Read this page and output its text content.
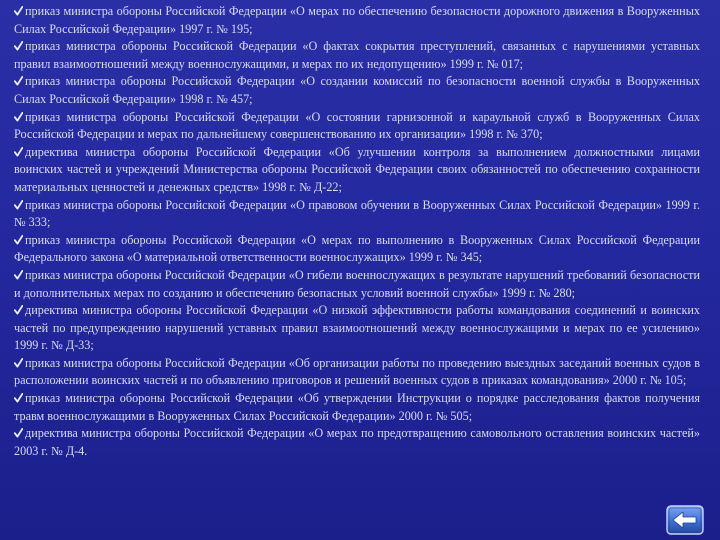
приказ министра обороны Российской Федерации «О мерах по обеспечению безопасности дорожного движения в Вооруженных Силах Российской Федерации» 1997 г. № 195;
приказ министра обороны Российской Федерации «О фактах сокрытия преступлений, связанных с нарушениями уставных правил взаимоотношений между военнослужащими, и мерах по их недопущению» 1999 г. № 017;
приказ министра обороны Российской Федерации «О создании комиссий по безопасности военной службы в Вооруженных Силах Российской Федерации» 1998 г. № 457;
приказ министра обороны Российской Федерации «О состоянии гарнизонной и караульной служб в Вооруженных Силах Российской Федерации и мерах по дальнейшему совершенствованию их организации» 1998 г. № 370;
директива министра обороны Российской Федерации «Об улучшении контроля за выполнением должностными лицами воинских частей и учреждений Министерства обороны Российской Федерации своих обязанностей по обеспечению сохранности материальных ценностей и денежных средств» 1998 г. № Д-22;
приказ министра обороны Российской Федерации «О правовом обучении в Вооруженных Силах Российской Федерации» 1999 г. № 333;
приказ министра обороны Российской Федерации «О мерах по выполнению в Вооруженных Силах Российской Федерации Федерального закона «О материальной ответственности военнослужащих» 1999 г. № 345;
приказ министра обороны Российской Федерации «О гибели военнослужащих в результате нарушений требований безопасности и дополнительных мерах по созданию и обеспечению безопасных условий военной службы» 1999 г. № 280;
директива министра обороны Российской Федерации «О низкой эффективности работы командования соединений и воинских частей по предупреждению нарушений уставных правил взаимоотношений между военнослужащими и мерах по ее усилению» 1999 г. № Д-33;
приказ министра обороны Российской Федерации «Об организации работы по проведению выездных заседаний военных судов в расположении воинских частей и по объявлению приговоров и решений военных судов в приказах командования» 2000 г. № 105;
приказ министра обороны Российской Федерации «Об утверждении Инструкции о порядке расследования фактов получения травм военнослужащими в Вооруженных Силах Российской Федерации» 2000 г. № 505;
директива министра обороны Российской Федерации «О мерах по предотвращению самовольного оставления воинских частей» 2003 г. № Д-4.
